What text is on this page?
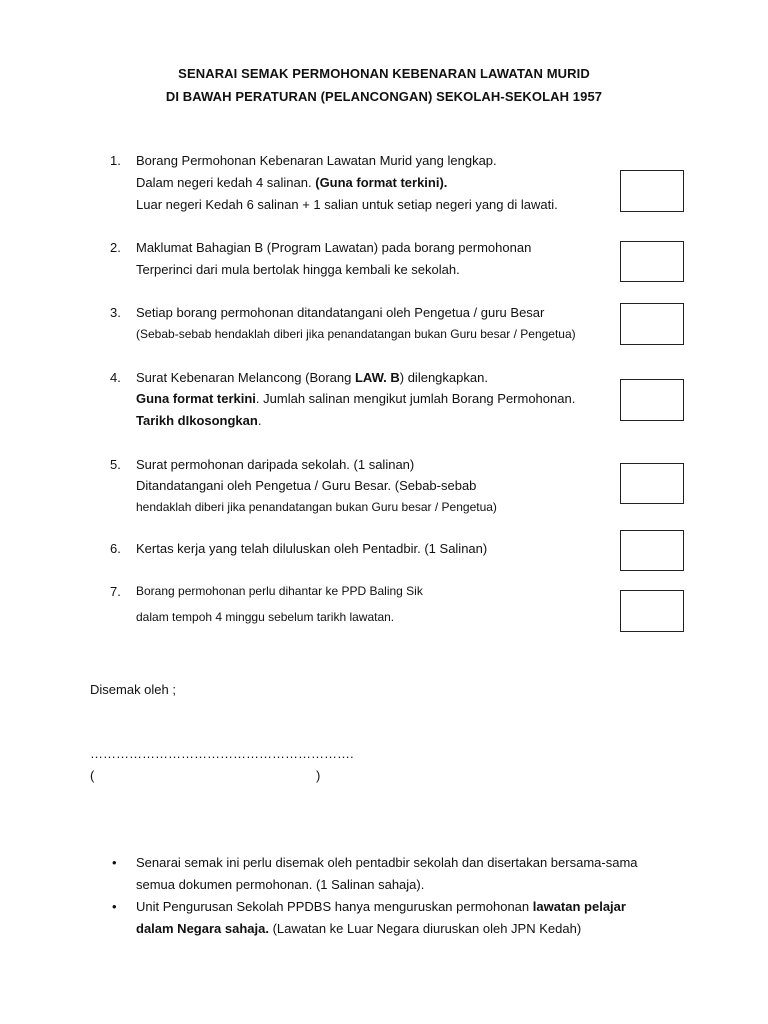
SENARAI SEMAK PERMOHONAN KEBENARAN LAWATAN MURID
DI BAWAH PERATURAN (PELANCONGAN) SEKOLAH-SEKOLAH 1957
1. Borang Permohonan Kebenaran Lawatan Murid yang lengkap.
Dalam negeri kedah 4 salinan. (Guna format terkini).
Luar negeri Kedah 6 salinan + 1 salian untuk setiap negeri yang di lawati.
2. Maklumat Bahagian B (Program Lawatan) pada borang permohonan
Terperinci dari mula bertolak hingga kembali ke sekolah.
3. Setiap borang permohonan ditandatangani oleh Pengetua / guru Besar
(Sebab-sebab hendaklah diberi jika penandatangan bukan Guru besar / Pengetua)
4. Surat Kebenaran Melancong (Borang LAW. B) dilengkapkan.
Guna format terkini. Jumlah salinan mengikut jumlah Borang Permohonan.
Tarikh dIkosongkan.
5. Surat permohonan daripada sekolah. (1 salinan)
Ditandatangani oleh Pengetua / Guru Besar. (Sebab-sebab
hendaklah diberi jika penandatangan bukan Guru besar / Pengetua)
6. Kertas kerja yang telah diluluskan oleh Pentadbir. (1 Salinan)
7. Borang permohonan perlu dihantar ke PPD Baling Sik
dalam tempoh 4 minggu sebelum tarikh lawatan.
Disemak oleh ;
…………………………………………………….
(	)
• Senarai semak ini perlu disemak oleh pentadbir sekolah dan disertakan bersama-sama
semua dokumen permohonan. (1 Salinan sahaja).
• Unit Pengurusan Sekolah PPDBS hanya menguruskan permohonan lawatan pelajar
dalam Negara sahaja. (Lawatan ke Luar Negara diuruskan oleh JPN Kedah)
